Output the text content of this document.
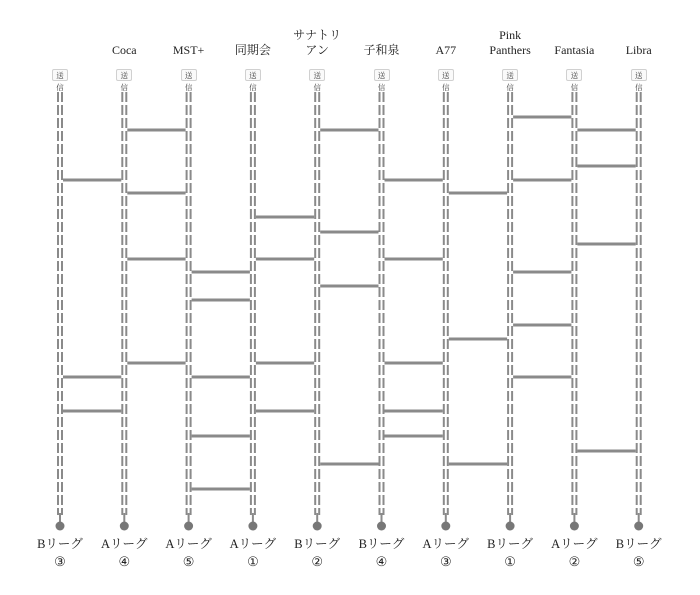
送信
Bリーグ
③
Coca
送信
Aリーグ
④
MST+
送信
Aリーグ
⑤
同期会
送信
Aリーグ
①
サナトリ
アン
送信
Bリーグ
②
子和泉
送信
Bリーグ
④
A77
送信
Aリーグ
③
Pink
Panthers
送信
Bリーグ
①
Fantasia
送信
Aリーグ
②
Libra
送信
Bリーグ
⑤
